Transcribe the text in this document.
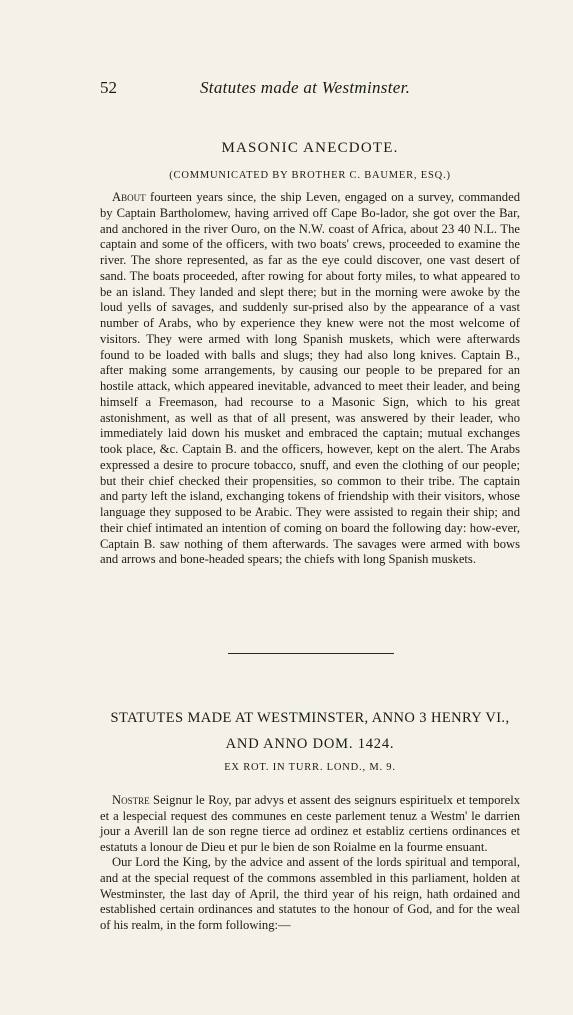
52	Statutes made at Westminster.
MASONIC ANECDOTE.
(COMMUNICATED BY BROTHER C. BAUMER, ESQ.)

About fourteen years since, the ship Leven, engaged on a survey, commanded by Captain Bartholomew, having arrived off Cape Bo-lador, she got over the Bar, and anchored in the river Ouro, on the N.W. coast of Africa, about 23 40 N.L. The captain and some of the officers, with two boats' crews, proceeded to examine the river. The shore represented, as far as the eye could discover, one vast desert of sand. The boats proceeded, after rowing for about forty miles, to what appeared to be an island. They landed and slept there; but in the morning were awoke by the loud yells of savages, and suddenly sur-prised also by the appearance of a vast number of Arabs, who by experience they knew were not the most welcome of visitors. They were armed with long Spanish muskets, which were afterwards found to be loaded with balls and slugs; they had also long knives. Captain B., after making some arrangements, by causing our people to be prepared for an hostile attack, which appeared inevitable, advanced to meet their leader, and being himself a Freemason, had recourse to a Masonic Sign, which to his great astonishment, as well as that of all present, was answered by their leader, who immediately laid down his musket and embraced the captain; mutual exchanges took place, &c. Captain B. and the officers, however, kept on the alert. The Arabs expressed a desire to procure tobacco, snuff, and even the clothing of our people; but their chief checked their propensities, so common to their tribe. The captain and party left the island, exchanging tokens of friendship with their visitors, whose language they supposed to be Arabic. They were assisted to regain their ship; and their chief intimated an intention of coming on board the following day: how-ever, Captain B. saw nothing of them afterwards. The savages were armed with bows and arrows and bone-headed spears; the chiefs with long Spanish muskets.

STATUTES MADE AT WESTMINSTER, ANNO 3 HENRY VI.,
AND ANNO DOM. 1424.
EX ROT. IN TURR. LOND., M. 9.

Nostre Seignur le Roy, par advys et assent des seignurs espirituelx et temporelx et a lespecial request des communes en ceste parlement tenuz a Westm' le darrien jour a Averill lan de son regne tierce ad ordinez et establiz certiens ordinances et estatuts a lonour de Dieu et pur le bien de son Roialme en la fourme ensuant.

Our Lord the King, by the advice and assent of the lords spiritual and temporal, and at the special request of the commons assembled in this parliament, holden at Westminster, the last day of April, the third year of his reign, hath ordained and established certain ordinances and statutes to the honour of God, and for the weal of his realm, in the form following:—
